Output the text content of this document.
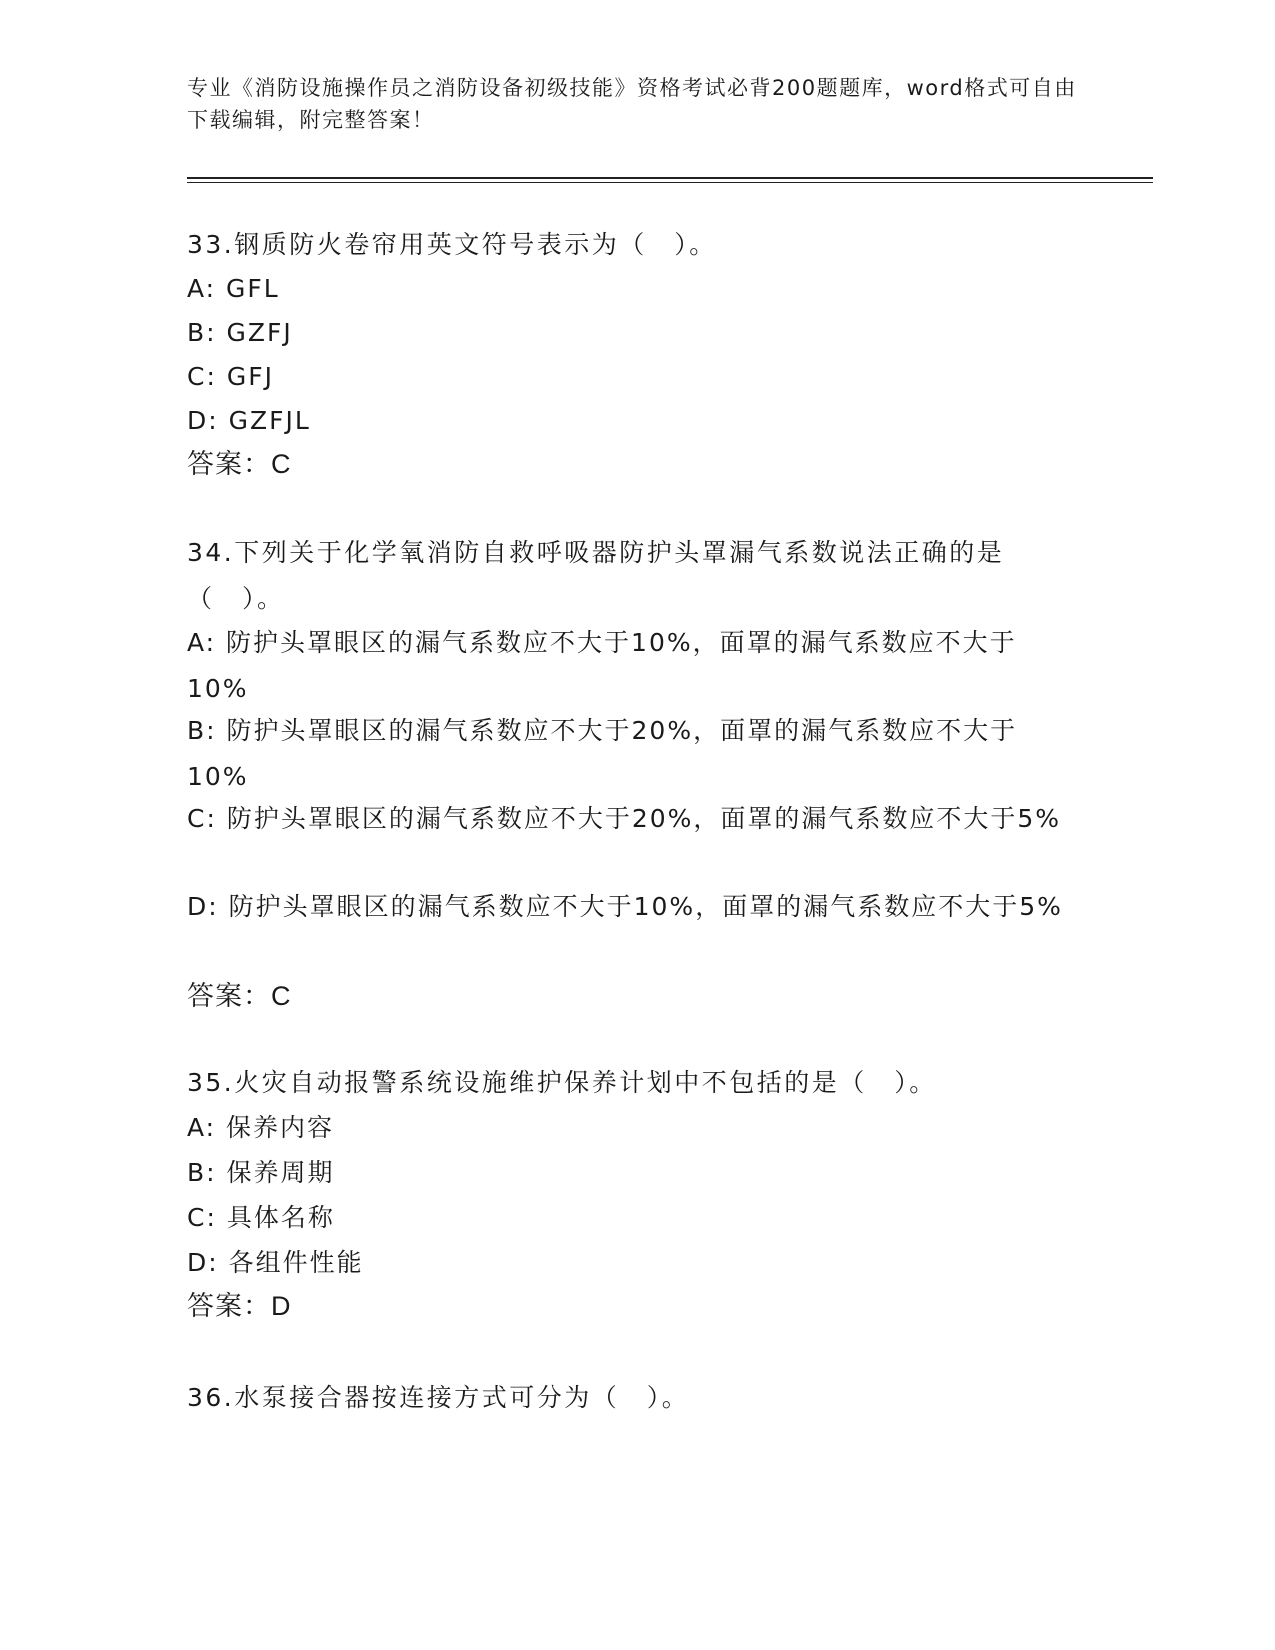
专业《消防设施操作员之消防设备初级技能》资格考试必背200题题库，word格式可自由下载编辑，附完整答案！
33.钢质防火卷帘用英文符号表示为（　）。
A: GFL
B: GZFJ
C: GFJ
D: GZFJL
答案：C
34.下列关于化学氧消防自救呼吸器防护头罩漏气系数说法正确的是（　）。
A: 防护头罩眼区的漏气系数应不大于10%，面罩的漏气系数应不大于10%
B: 防护头罩眼区的漏气系数应不大于20%，面罩的漏气系数应不大于10%
C: 防护头罩眼区的漏气系数应不大于20%，面罩的漏气系数应不大于5%
D: 防护头罩眼区的漏气系数应不大于10%，面罩的漏气系数应不大于5%
答案：C
35.火灾自动报警系统设施维护保养计划中不包括的是（　）。
A: 保养内容
B: 保养周期
C: 具体名称
D: 各组件性能
答案：D
36.水泵接合器按连接方式可分为（　）。
